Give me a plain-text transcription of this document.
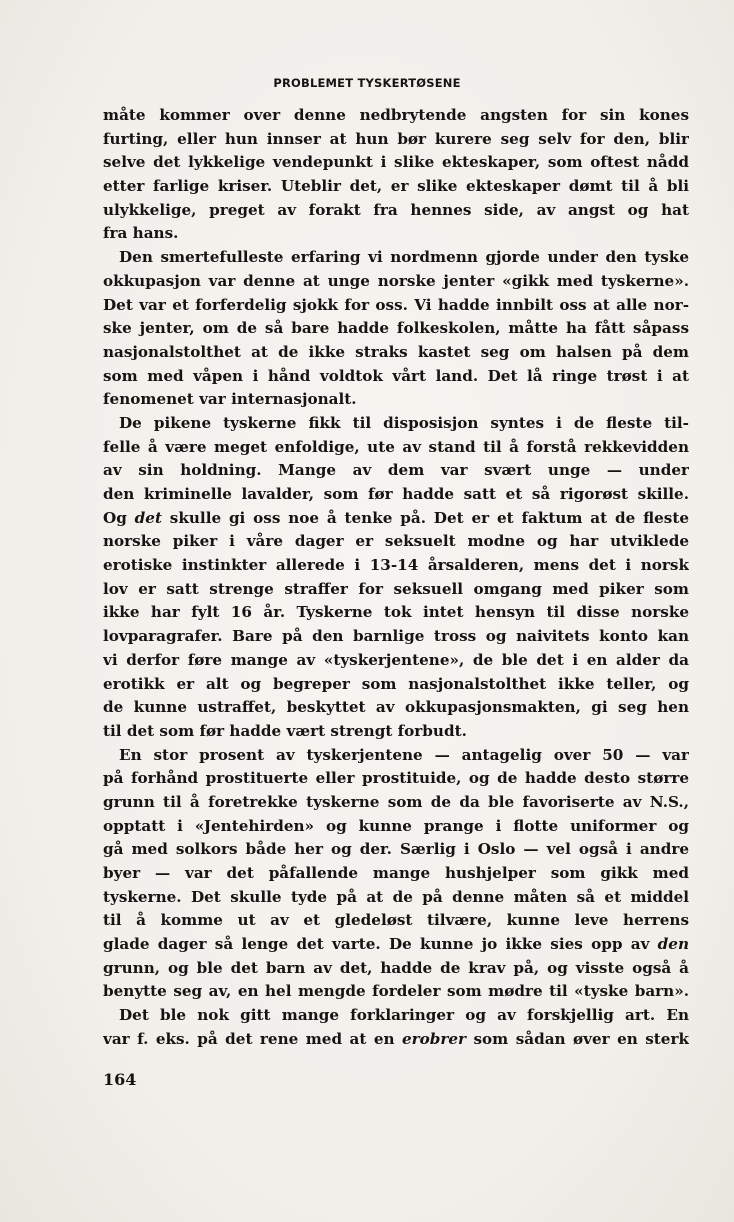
PROBLEMET TYSKERTØSENE
måte kommer over denne nedbrytende angsten for sin kones
furting, eller hun innser at hun bør kurere seg selv for den, blir
selve det lykkelige vendepunkt i slike ekteskaper, som oftest nådd
etter farlige kriser. Uteblir det, er slike ekteskaper dømt til å bli
ulykkelige, preget av forakt fra hennes side, av angst og hat
fra hans.
Den smertefulleste erfaring vi nordmenn gjorde under den tyske
okkupasjon var denne at unge norske jenter «gikk med tyskerne».
Det var et forferdelig sjokk for oss. Vi hadde innbilt oss at alle nor-
ske jenter, om de så bare hadde folkeskolen, måtte ha fått såpass
nasjonalstolthet at de ikke straks kastet seg om halsen på dem
som med våpen i hånd voldtok vårt land. Det lå ringe trøst i at
fenomenet var internasjonalt.
De pikene tyskerne fikk til disposisjon syntes i de fleste til-
felle å være meget enfoldige, ute av stand til å forstå rekkevidden
av sin holdning. Mange av dem var svært unge — under
den kriminelle lavalder, som før hadde satt et så rigorøst skille.
Og det skulle gi oss noe å tenke på. Det er et faktum at de fleste
norske piker i våre dager er seksuelt modne og har utviklede
erotiske instinkter allerede i 13-14 årsalderen, mens det i norsk
lov er satt strenge straffer for seksuell omgang med piker som
ikke har fylt 16 år. Tyskerne tok intet hensyn til disse norske
lovparagrafer. Bare på den barnlige tross og naivitets konto kan
vi derfor føre mange av «tyskerjentene», de ble det i en alder da
erotikk er alt og begreper som nasjonalstolthet ikke teller, og
de kunne ustraffet, beskyttet av okkupasjonsmakten, gi seg hen
til det som før hadde vært strengt forbudt.
En stor prosent av tyskerjentene — antagelig over 50 — var
på forhånd prostituerte eller prostituide, og de hadde desto større
grunn til å foretrekke tyskerne som de da ble favoriserte av N.S.,
opptatt i «Jentehirden» og kunne prange i flotte uniformer og
gå med solkors både her og der. Særlig i Oslo — vel også i andre
byer — var det påfallende mange hushjelper som gikk med
tyskerne. Det skulle tyde på at de på denne måten så et middel
til å komme ut av et gledeløst tilvære, kunne leve herrens
glade dager så lenge det varte. De kunne jo ikke sies opp av den
grunn, og ble det barn av det, hadde de krav på, og visste også å
benytte seg av, en hel mengde fordeler som mødre til «tyske barn».
Det ble nok gitt mange forklaringer og av forskjellig art. En
var f. eks. på det rene med at en erobrer som sådan øver en sterk
164
